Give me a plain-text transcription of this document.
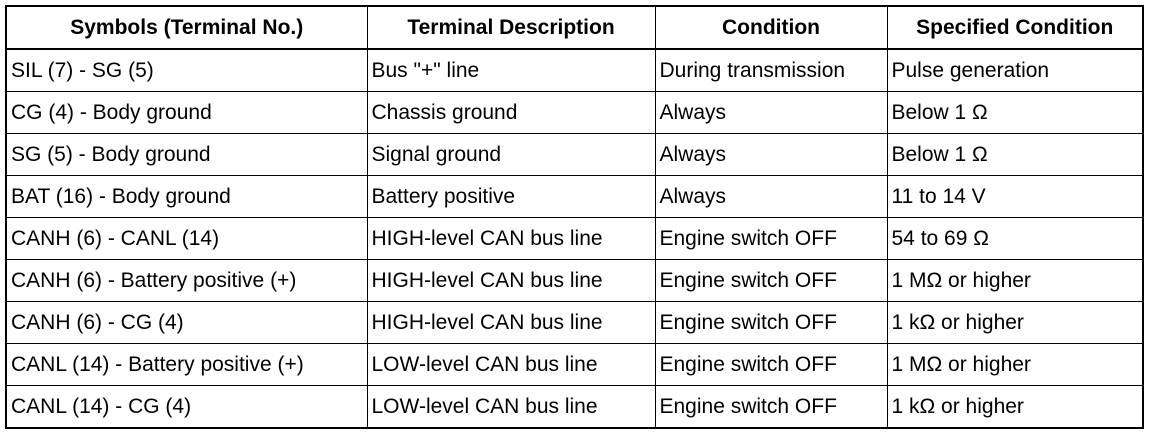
Symbols (Terminal No.)	Terminal Description	Condition	Specified Condition
SIL (7) - SG (5)	Bus "+" line	During transmission	Pulse generation
CG (4) - Body ground	Chassis ground	Always	Below 1 Ω
SG (5) - Body ground	Signal ground	Always	Below 1 Ω
BAT (16) - Body ground	Battery positive	Always	11 to 14 V
CANH (6) - CANL (14)	HIGH-level CAN bus line	Engine switch OFF	54 to 69 Ω
CANH (6) - Battery positive (+)	HIGH-level CAN bus line	Engine switch OFF	1 MΩ or higher
CANH (6) - CG (4)	HIGH-level CAN bus line	Engine switch OFF	1 kΩ or higher
CANL (14) - Battery positive (+)	LOW-level CAN bus line	Engine switch OFF	1 MΩ or higher
CANL (14) - CG (4)	LOW-level CAN bus line	Engine switch OFF	1 kΩ or higher
